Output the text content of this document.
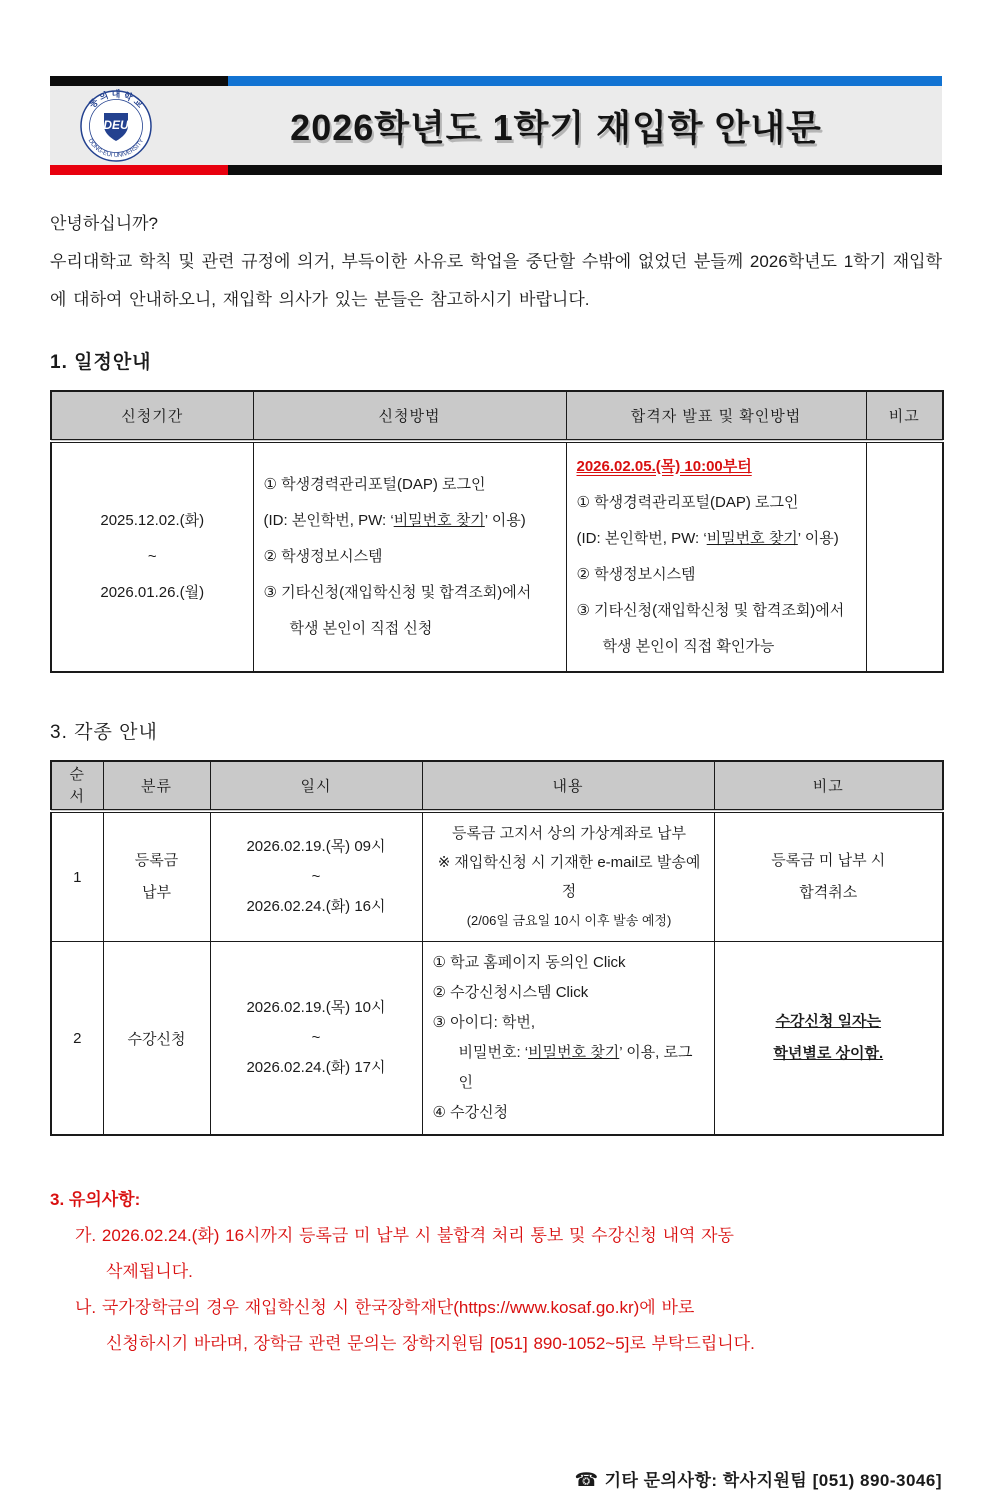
동 의 대 학 교
DONG-EUI UNIVERSITY
DEU	2026학년도 1학기 재입학 안내문
안녕하십니까?
우리대학교 학칙 및 관련 규정에 의거, 부득이한 사유로 학업을 중단할 수밖에 없었던 분들께 2026학년도 1학기 재입학에 대하여 안내하오니, 재입학 의사가 있는 분들은 참고하시기 바랍니다.
1. 일정안내
신청기간	신청방법	합격자 발표 및 확인방법	비고

2025.12.02.(화)
~
2026.01.26.(월)

① 학생경력관리포털(DAP) 로그인
(ID: 본인학번, PW: ‘비밀번호 찾기’ 이용)
② 학생정보시스템
③ 기타신청(재입학신청 및 합격조회)에서
학생 본인이 직접 신청

2026.02.05.(목) 10:00부터
① 학생경력관리포털(DAP) 로그인
(ID: 본인학번, PW: ‘비밀번호 찾기’ 이용)
② 학생정보시스템
③ 기타신청(재입학신청 및 합격조회)에서
학생 본인이 직접 확인가능

3. 각종 안내
순
서	분류	일시	내용	비고
1	등록금
납부	2026.02.19.(목) 09시
~
2026.02.24.(화) 16시	등록금 고지서 상의 가상계좌로 납부
※ 재입학신청 시 기재한 e-mail로 발송예정
(2/06일 금요일 10시 이후 발송 예정)	등록금 미 납부 시
합격취소

2	수강신청	2026.02.19.(목) 10시
~
2026.02.24.(화) 17시	① 학교 홈페이지 동의인 Click
② 수강신청시스템 Click
③ 아이디: 학번,
비밀번호: ‘비밀번호 찾기’ 이용, 로그인
④ 수강신청	수강신청 일자는
학년별로 상이함.
3. 유의사항:
가. 2026.02.24.(화) 16시까지 등록금 미 납부 시 불합격 처리 통보 및 수강신청 내역 자동
삭제됩니다.
나. 국가장학금의 경우 재입학신청 시 한국장학재단(https://www.kosaf.go.kr)에 바로
신청하시기 바라며, 장학금 관련 문의는 장학지원팀 [051] 890-1052~5]로 부탁드립니다.
☎ 기타 문의사항: 학사지원팀 [051) 890-3046]
